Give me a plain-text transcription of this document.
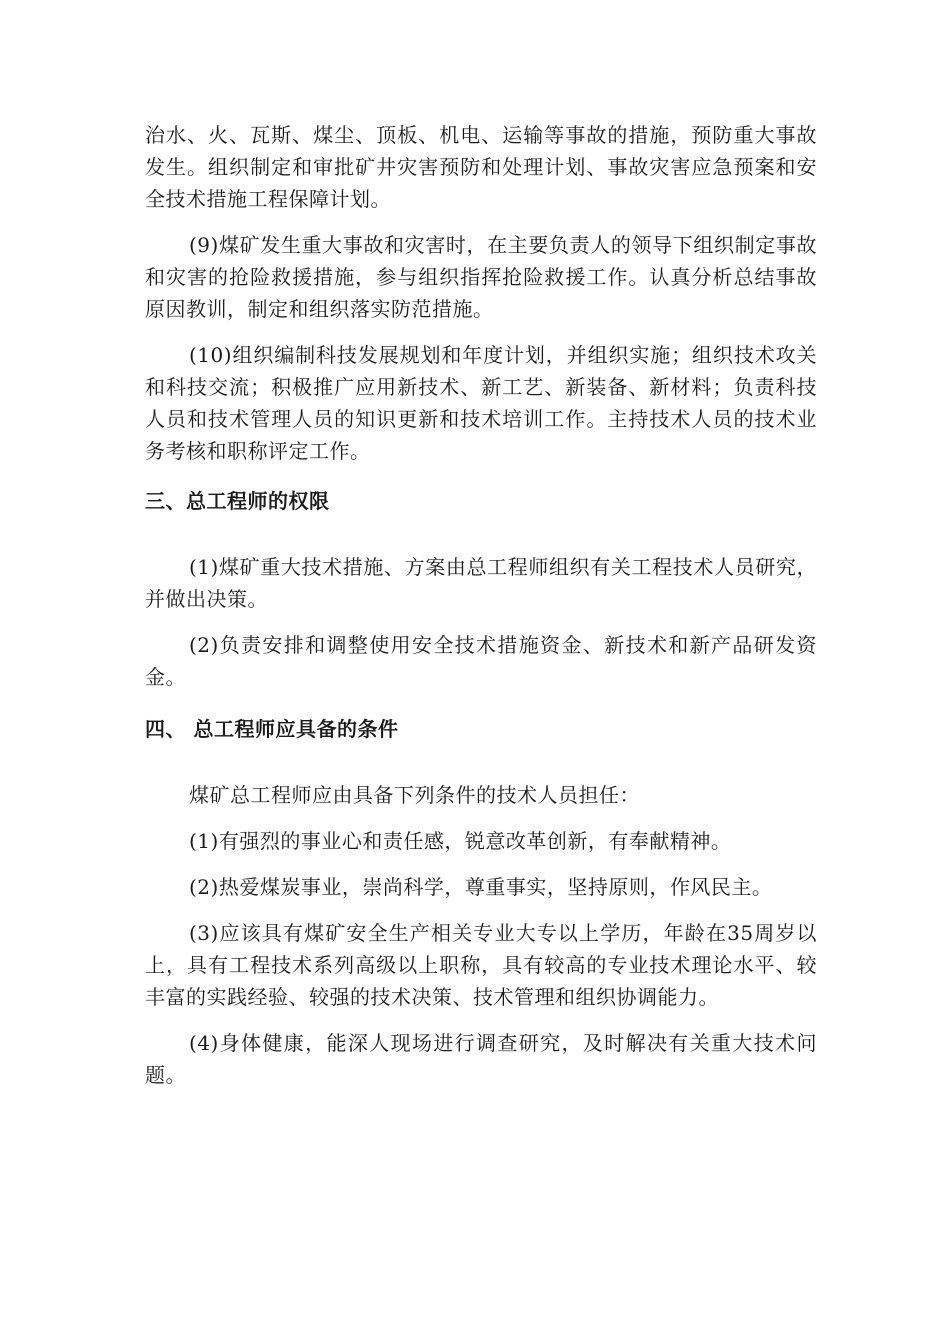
治水、火、瓦斯、煤尘、顶板、机电、运输等事故的措施，预防重大事故发生。组织制定和审批矿井灾害预防和处理计划、事故灾害应急预案和安全技术措施工程保障计划。

(9)煤矿发生重大事故和灾害时，在主要负责人的领导下组织制定事故和灾害的抢险救援措施，参与组织指挥抢险救援工作。认真分析总结事故原因教训，制定和组织落实防范措施。

(10)组织编制科技发展规划和年度计划，并组织实施；组织技术攻关和科技交流；积极推广应用新技术、新工艺、新装备、新材料；负责科技人员和技术管理人员的知识更新和技术培训工作。主持技术人员的技术业务考核和职称评定工作。

三、总工程师的权限

(1)煤矿重大技术措施、方案由总工程师组织有关工程技术人员研究，并做出决策。

(2)负责安排和调整使用安全技术措施资金、新技术和新产品研发资金。

四、 总工程师应具备的条件

煤矿总工程师应由具备下列条件的技术人员担任：

(1)有强烈的事业心和责任感，锐意改革创新，有奉献精神。

(2)热爱煤炭事业，崇尚科学，尊重事实，坚持原则，作风民主。

(3)应该具有煤矿安全生产相关专业大专以上学历，年龄在35周岁以上，具有工程技术系列高级以上职称，具有较高的专业技术理论水平、较丰富的实践经验、较强的技术决策、技术管理和组织协调能力。

(4)身体健康，能深人现场进行调查研究，及时解决有关重大技术问题。
